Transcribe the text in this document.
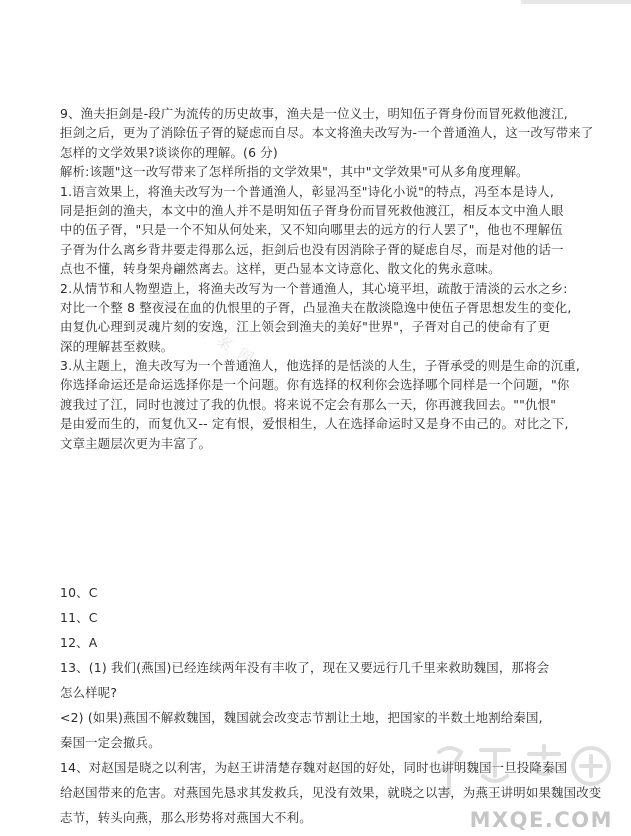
9、渔夫拒剑是-段广为流传的历史故事，渔夫是一位义士，明知伍子胥身份而冒死救他渡江,
拒剑之后，更为了消除伍子胥的疑虑而自尽。本文将渔夫改写为-一个普通渔人，这一改写带来了
怎样的文学效果?谈谈你的理解。(6 分)
解析:该题"这一改写带来了怎样所指的文学效果"，其中"文学效果"可从多角度理解。
1.语言效果上，将渔夫改写为一个普通渔人，彰显冯至"诗化小说"的特点，冯至本是诗人,
同是拒剑的渔夫，本文中的渔人并不是明知伍子胥身份而冒死救他渡江，相反本文中渔人眼
中的伍子胥，"只是一个不知从何处来，又不知向哪里去的远方的行人罢了"，他也不理解伍
子胥为什么离乡背井要走得那么远，拒剑后也没有因消除子胥的疑虑自尽，而是对他的话一
点也不懂，转身架舟翩然离去。这样，更凸显本文诗意化、散文化的隽永意味。
2.从情节和人物塑造上，将渔夫改写为一个普通渔人，其心境平坦，疏散于清淡的云水之乡:
对比一个整 8 整夜浸在血的仇恨里的子胥，凸显渔夫在散淡隐逸中使伍子胥思想发生的变化,
由复仇心理到灵魂片刻的安逸，江上领会到渔夫的美好"世界"，子胥对自己的使命有了更
深的理解甚至救赎。
3.从主题上，渔夫改写为一个普通渔人，他选择的是恬淡的人生，子胥承受的则是生命的沉重,
你选择命运还是命运选择你是一个问题。你有选择的权利你会选择哪个同样是一个问题，"你
渡我过了江，同时也渡过了我的仇恨。将来说不定会有那么一天，你再渡我回去。""仇恨"
是由爱而生的，而复仇又-- 定有恨，爱恨相生，人在选择命运时又是身不由己的。对比之下,
文章主题层次更为丰富了。
10、C
11、C
12、A
13、(1) 我们(燕国)已经连续两年没有丰收了，现在又要远行几千里来救助魏国，那将会
怎么样呢?
<2) (如果)燕国不解救魏国，魏国就会改变志节割让土地，把国家的半数土地割给秦国,
秦国一定会撤兵。
14、对赵国是晓之以利害，为赵王讲清楚存魏对赵国的好处，同时也讲明魏国一旦投降秦国
给赵国带来的危害。对燕国先恳求其发救兵，见没有效果，就晓之以害，为燕王讲明如果魏国改变
志节，转头向燕，那么形势将对燕国大不利。
子曰答案网
MXQE.COM
